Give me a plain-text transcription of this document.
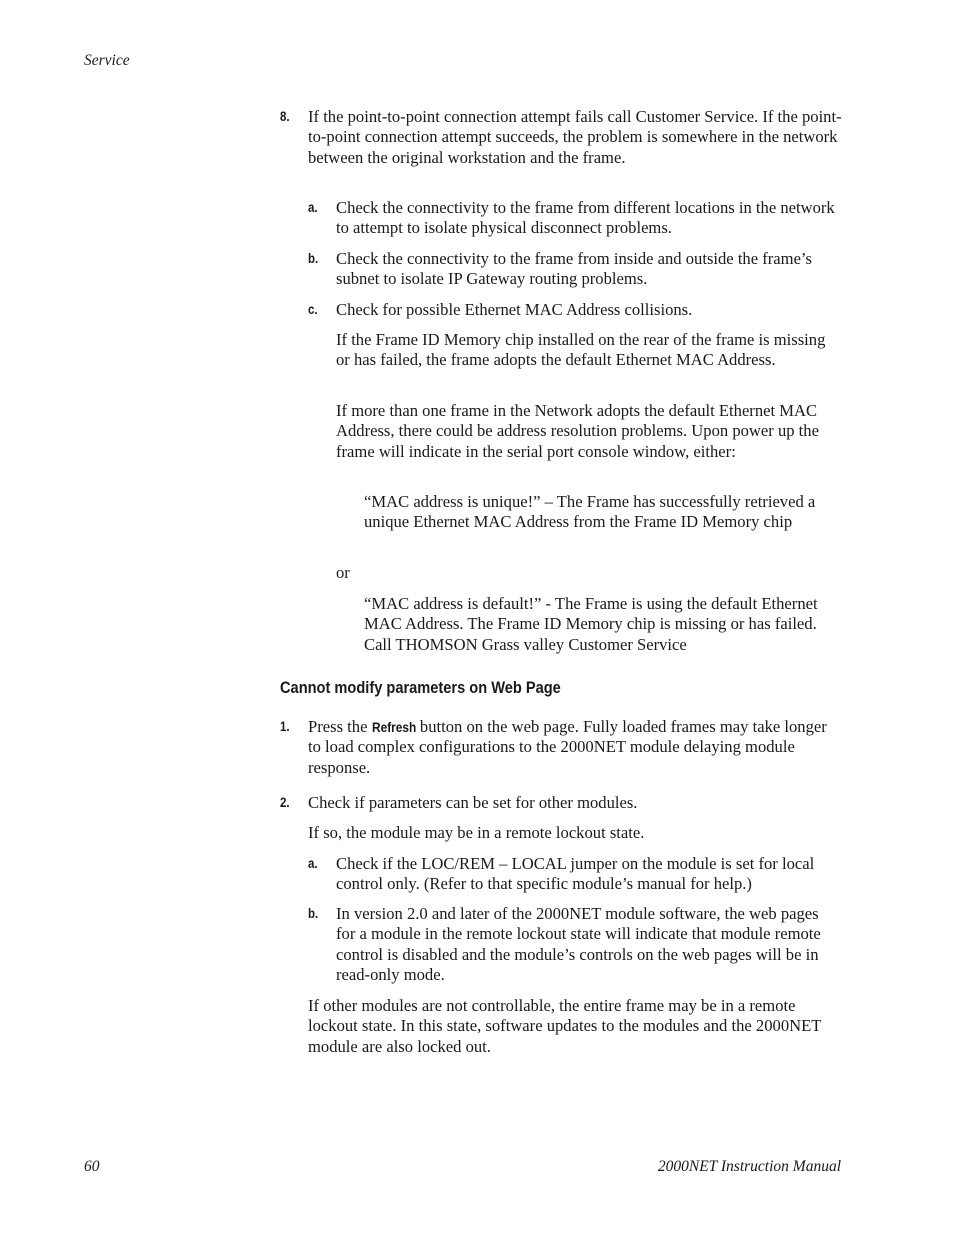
Service
8. If the point-to-point connection attempt fails call Customer Service. If the point-to-point connection attempt succeeds, the problem is somewhere in the network between the original workstation and the frame.

a. Check the connectivity to the frame from different locations in the network to attempt to isolate physical disconnect problems.

b. Check the connectivity to the frame from inside and outside the frame’s subnet to isolate IP Gateway routing problems.

c. Check for possible Ethernet MAC Address collisions.

If the Frame ID Memory chip installed on the rear of the frame is missing or has failed, the frame adopts the default Ethernet MAC Address.

If more than one frame in the Network adopts the default Ethernet MAC Address, there could be address resolution problems. Upon power up the frame will indicate in the serial port console window, either:

“MAC address is unique!” – The Frame has successfully retrieved a unique Ethernet MAC Address from the Frame ID Memory chip

or

“MAC address is default!” - The Frame is using the default Ethernet MAC Address. The Frame ID Memory chip is missing or has failed. Call THOMSON Grass valley Customer Service

Cannot modify parameters on Web Page
1. Press the Refresh button on the web page. Fully loaded frames may take longer to load complex configurations to the 2000NET module delaying module response.

2. Check if parameters can be set for other modules.

If so, the module may be in a remote lockout state.

a. Check if the LOC/REM – LOCAL jumper on the module is set for local control only. (Refer to that specific module’s manual for help.)

b. In version 2.0 and later of the 2000NET module software, the web pages for a module in the remote lockout state will indicate that module remote control is disabled and the module’s controls on the web pages will be in read-only mode.

If other modules are not controllable, the entire frame may be in a remote lockout state. In this state, software updates to the modules and the 2000NET module are also locked out.

60	2000NET Instruction Manual
